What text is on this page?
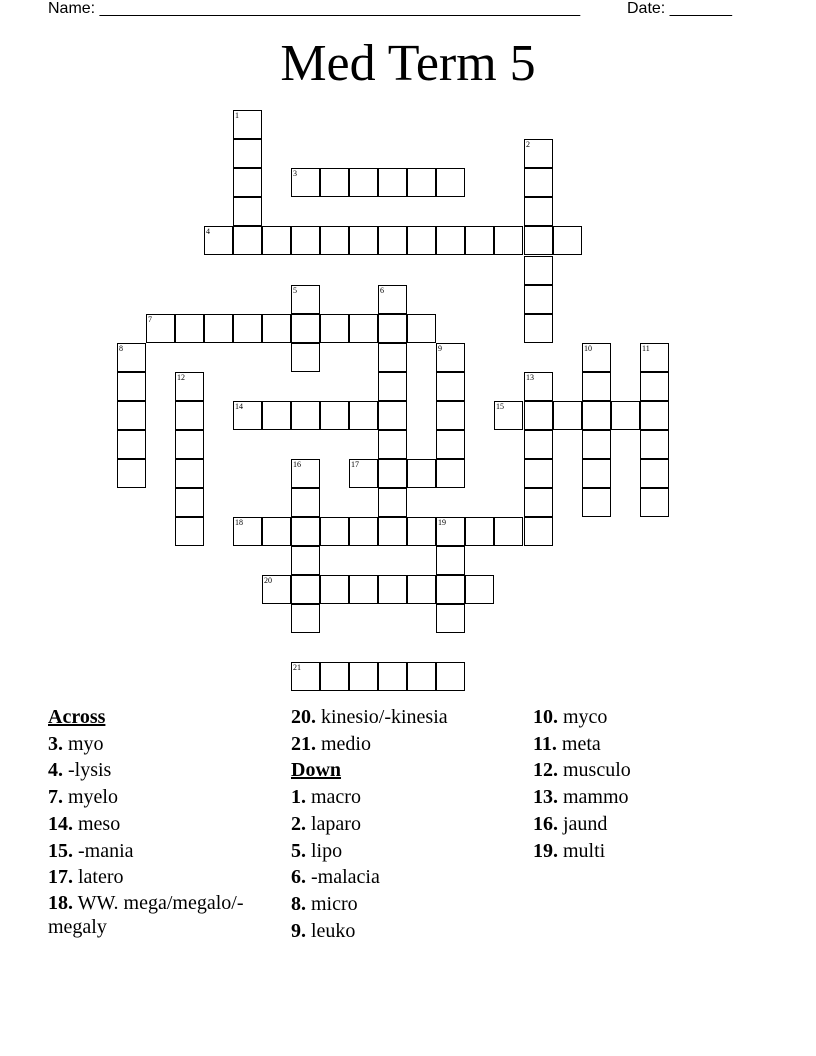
Name: ______________________________________________________	Date: _______
Med Term 5
1
2
3
4
5	6
7
8	9	10	11
12	13
14	15
16	17
18	19
20
21
Across
3. myo
4. -lysis
7. myelo
14. meso
15. -mania
17. latero
18. WW. mega/megalo/-megaly
20. kinesio/-kinesia
21. medio
Down
1. macro
2. laparo
5. lipo
6. -malacia
8. micro
9. leuko
10. myco
11. meta
12. musculo
13. mammo
16. jaund
19. multi
